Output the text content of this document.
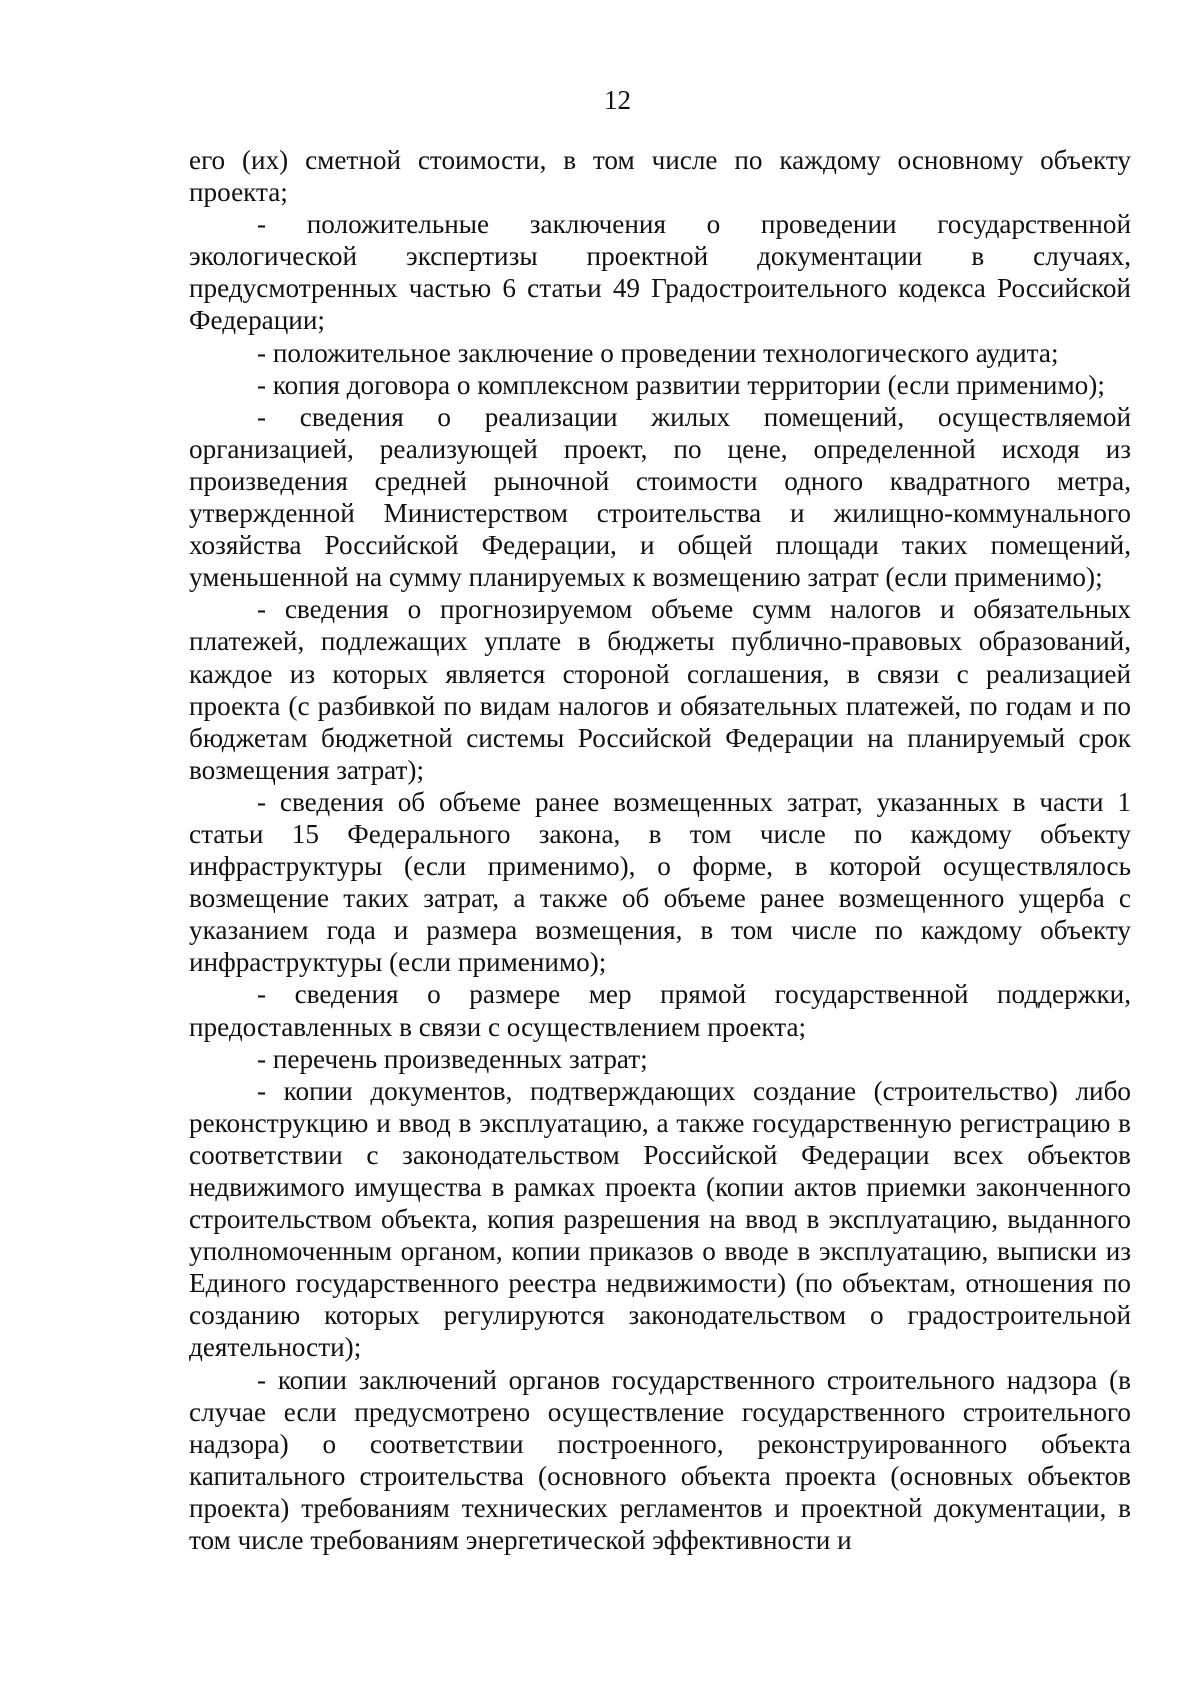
12

его (их) сметной стоимости, в том числе по каждому основному объекту проекта;

- положительные заключения о проведении государственной экологической экспертизы проектной документации в случаях, предусмотренных частью 6 статьи 49 Градостроительного кодекса Российской Федерации;

- положительное заключение о проведении технологического аудита;

- копия договора о комплексном развитии территории (если применимо);

- сведения о реализации жилых помещений, осуществляемой организацией, реализующей проект, по цене, определенной исходя из произведения средней рыночной стоимости одного квадратного метра, утвержденной Министерством строительства и жилищно-коммунального хозяйства Российской Федерации, и общей площади таких помещений, уменьшенной на сумму планируемых к возмещению затрат (если применимо);

- сведения о прогнозируемом объеме сумм налогов и обязательных платежей, подлежащих уплате в бюджеты публично-правовых образований, каждое из которых является стороной соглашения, в связи с реализацией проекта (с разбивкой по видам налогов и обязательных платежей, по годам и по бюджетам бюджетной системы Российской Федерации на планируемый срок возмещения затрат);

- сведения об объеме ранее возмещенных затрат, указанных в части 1 статьи 15 Федерального закона, в том числе по каждому объекту инфраструктуры (если применимо), о форме, в которой осуществлялось возмещение таких затрат, а также об объеме ранее возмещенного ущерба с указанием года и размера возмещения, в том числе по каждому объекту инфраструктуры (если применимо);

- сведения о размере мер прямой государственной поддержки, предоставленных в связи с осуществлением проекта;

- перечень произведенных затрат;

- копии документов, подтверждающих создание (строительство) либо реконструкцию и ввод в эксплуатацию, а также государственную регистрацию в соответствии с законодательством Российской Федерации всех объектов недвижимого имущества в рамках проекта (копии актов приемки законченного строительством объекта, копия разрешения на ввод в эксплуатацию, выданного уполномоченным органом, копии приказов о вводе в эксплуатацию, выписки из Единого государственного реестра недвижимости) (по объектам, отношения по созданию которых регулируются законодательством о градостроительной деятельности);

- копии заключений органов государственного строительного надзора (в случае если предусмотрено осуществление государственного строительного надзора) о соответствии построенного, реконструированного объекта капитального строительства (основного объекта проекта (основных объектов проекта) требованиям технических регламентов и проектной документации, в том числе требованиям энергетической эффективности и
